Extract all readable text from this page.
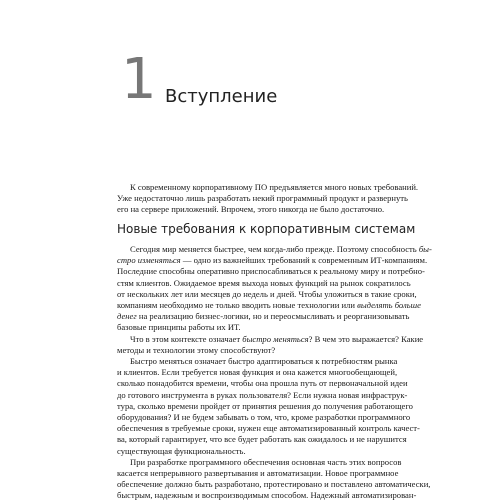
1 Вступление
К современному корпоративному ПО предъявляется много новых требований.
Уже недостаточно лишь разработать некий программный продукт и развернуть
его на сервере приложений. Впрочем, этого никогда не было достаточно.
Новые требования к корпоративным системам

Сегодня мир меняется быстрее, чем когда-либо прежде. Поэтому способность бы-
стро изменяться — одно из важнейших требований к современным ИТ-компаниям.
Последние способны оперативно приспосабливаться к реальному миру и потребно-
стям клиентов. Ожидаемое время выхода новых функций на рынок сократилось
от нескольких лет или месяцев до недель и дней. Чтобы уложиться в такие сроки,
компаниям необходимо не только вводить новые технологии или выделять больше
денег на реализацию бизнес-логики, но и переосмысливать и реорганизовывать
базовые принципы работы их ИТ.

Что в этом контексте означает быстро меняться? В чем это выражается? Какие
методы и технологии этому способствуют?

Быстро меняться означает быстро адаптироваться к потребностям рынка
и клиентов. Если требуется новая функция и она кажется многообещающей,
сколько понадобится времени, чтобы она прошла путь от первоначальной идеи
до готового инструмента в руках пользователя? Если нужна новая инфраструк-
тура, сколько времени пройдет от принятия решения до получения работающего
оборудования? И не будем забывать о том, что, кроме разработки программного
обеспечения в требуемые сроки, нужен еще автоматизированный контроль качест-
ва, который гарантирует, что все будет работать как ожидалось и не нарушится
существующая функциональность.

При разработке программного обеспечения основная часть этих вопросов
касается непрерывного развертывания и автоматизации. Новое программное
обеспечение должно быть разработано, протестировано и поставлено автоматически,
быстрым, надежным и воспроизводимым способом. Надежный автоматизирован-
